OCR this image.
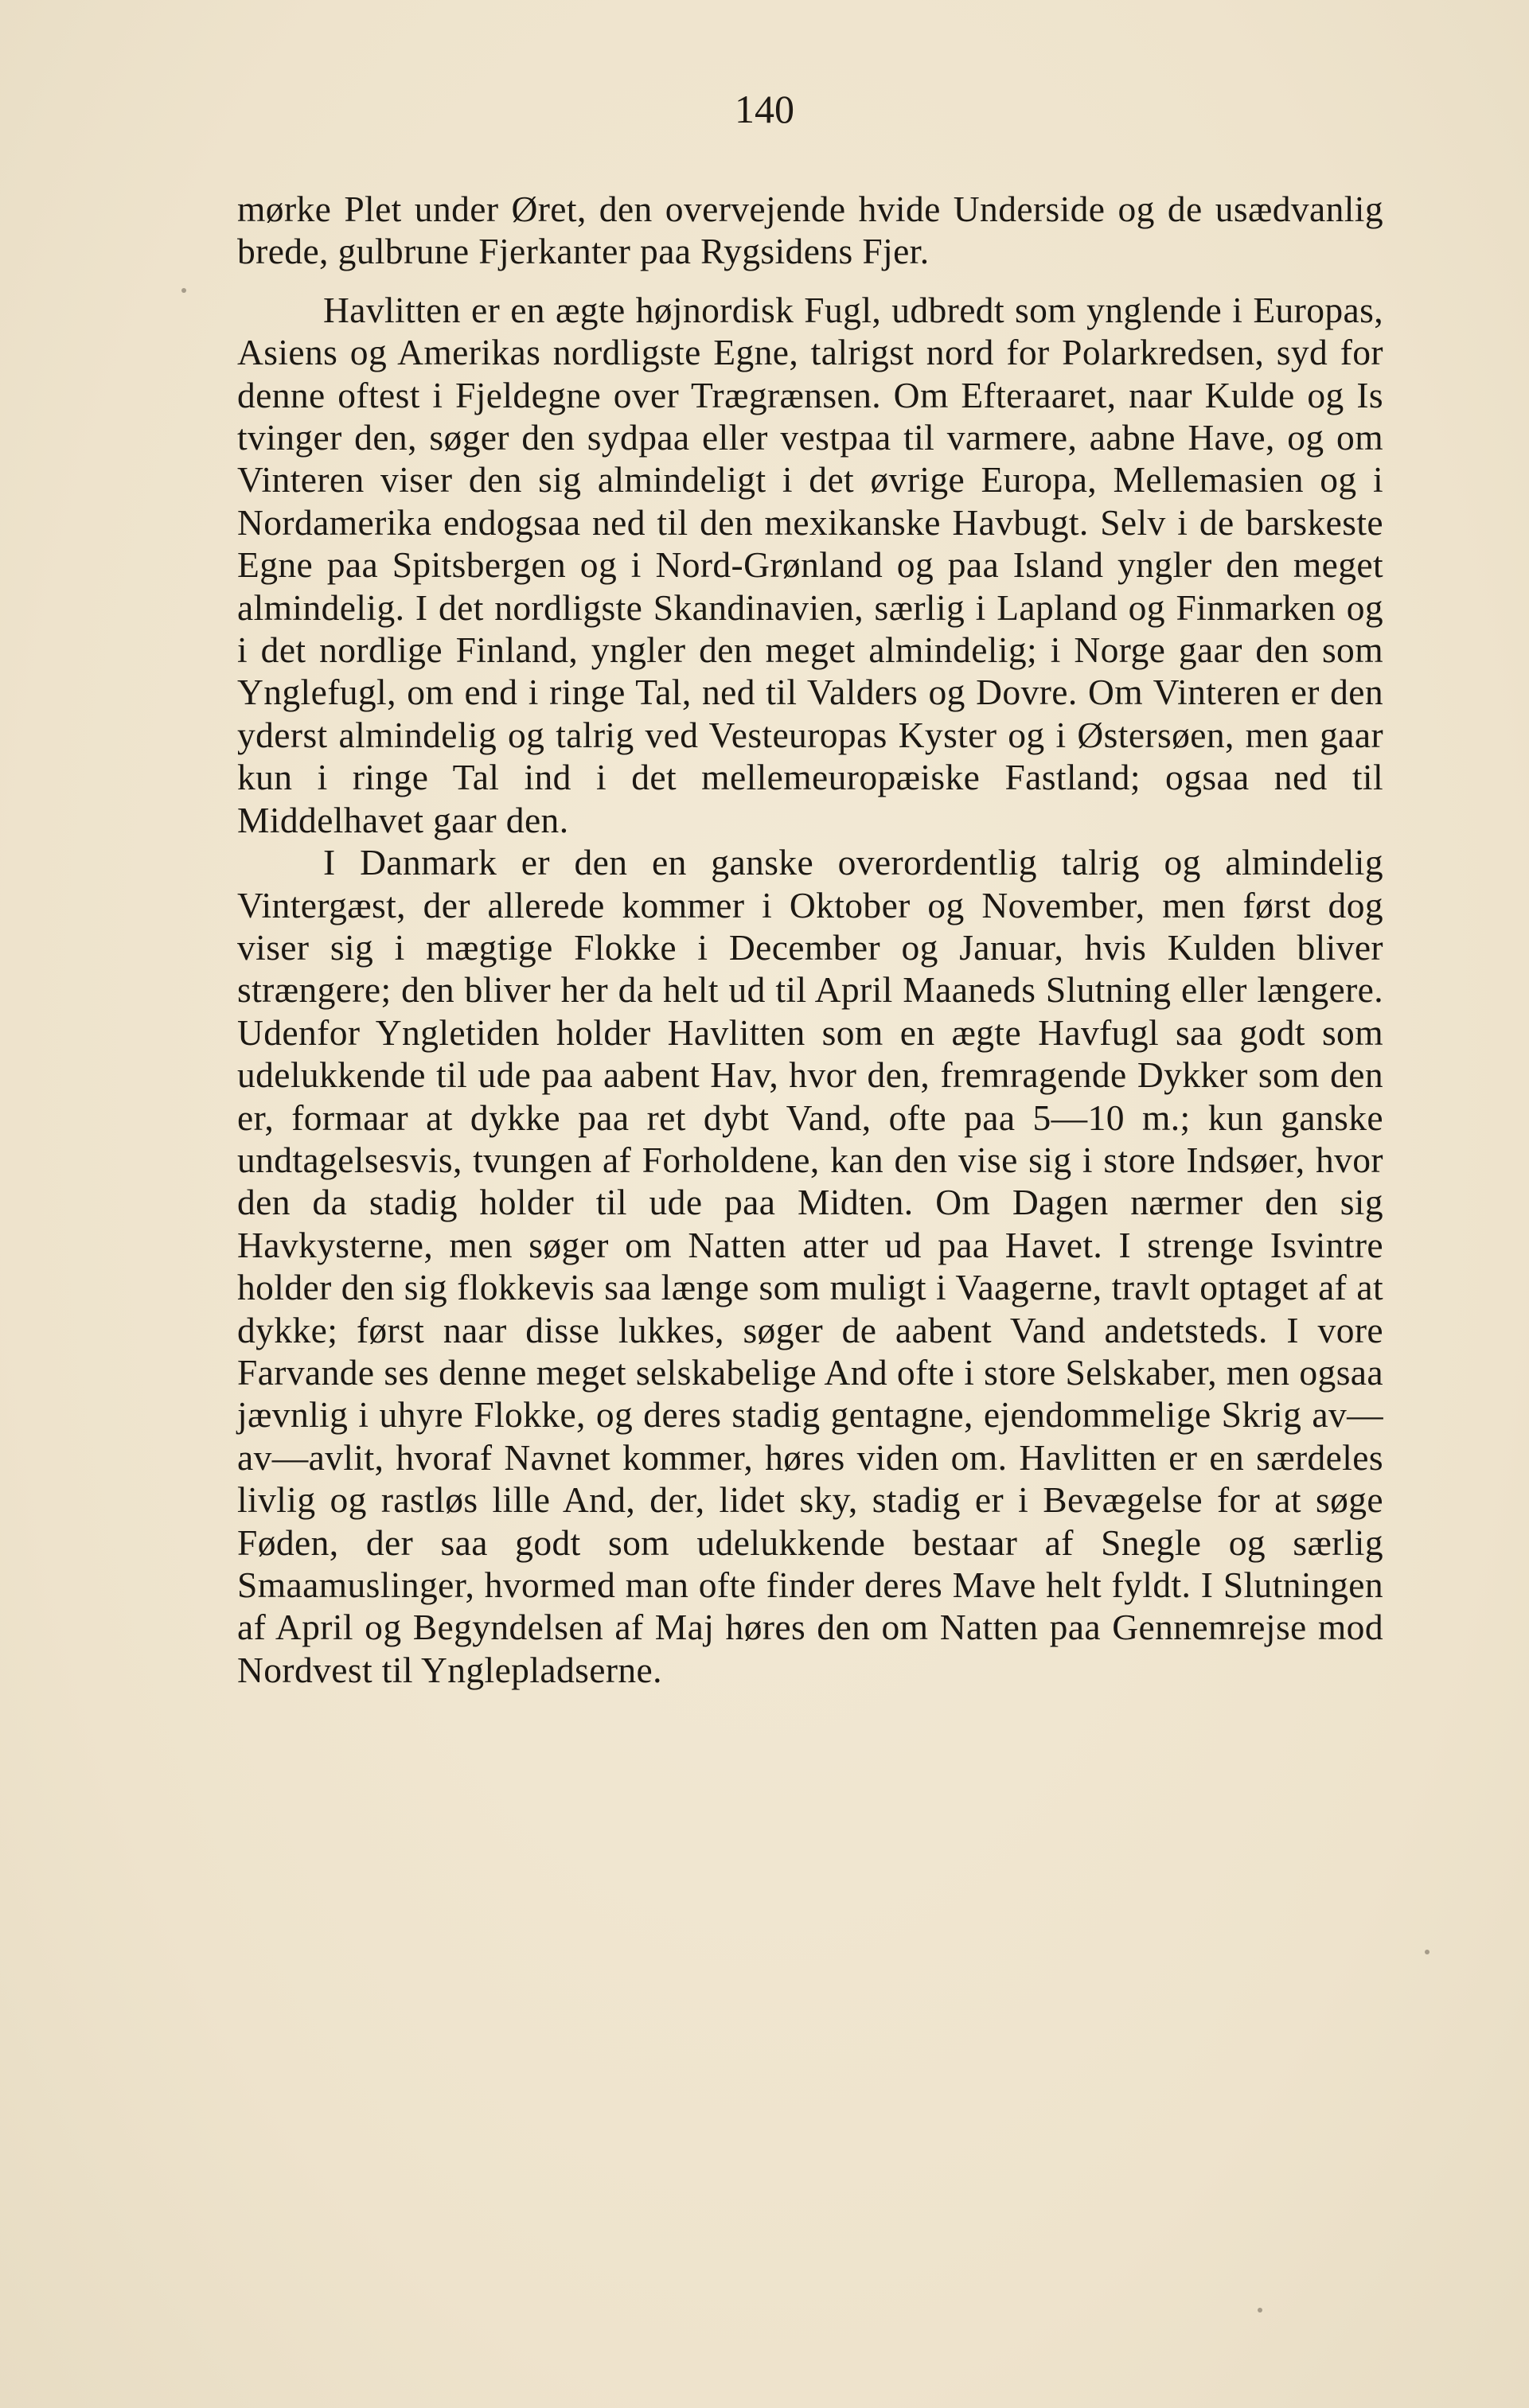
140

mørke Plet under Øret, den overvejende hvide Underside og de usædvanlig brede, gulbrune Fjerkanter paa Rygsidens Fjer.

Havlitten er en ægte højnordisk Fugl, udbredt som ynglende i Europas, Asiens og Amerikas nordligste Egne, talrigst nord for Polarkredsen, syd for denne oftest i Fjeldegne over Trægrænsen. Om Efteraaret, naar Kulde og Is tvinger den, søger den sydpaa eller vestpaa til varmere, aabne Have, og om Vinteren viser den sig almindeligt i det øvrige Europa, Mellemasien og i Nordamerika endogsaa ned til den mexikanske Havbugt. Selv i de barskeste Egne paa Spitsbergen og i Nord-Grønland og paa Island yngler den meget almindelig. I det nordligste Skandinavien, særlig i Lapland og Finmarken og i det nordlige Finland, yngler den meget almindelig; i Norge gaar den som Ynglefugl, om end i ringe Tal, ned til Valders og Dovre. Om Vinteren er den yderst almindelig og talrig ved Vesteuropas Kyster og i Østersøen, men gaar kun i ringe Tal ind i det mellemeuropæiske Fastland; ogsaa ned til Middelhavet gaar den.

I Danmark er den en ganske overordentlig talrig og almindelig Vintergæst, der allerede kommer i Oktober og November, men først dog viser sig i mægtige Flokke i December og Januar, hvis Kulden bliver strængere; den bliver her da helt ud til April Maaneds Slutning eller længere. Udenfor Yngletiden holder Havlitten som en ægte Havfugl saa godt som udelukkende til ude paa aabent Hav, hvor den, fremragende Dykker som den er, formaar at dykke paa ret dybt Vand, ofte paa 5—10 m.; kun ganske undtagelsesvis, tvungen af Forholdene, kan den vise sig i store Indsøer, hvor den da stadig holder til ude paa Midten. Om Dagen nærmer den sig Havkysterne, men søger om Natten atter ud paa Havet. I strenge Isvintre holder den sig flokkevis saa længe som muligt i Vaagerne, travlt optaget af at dykke; først naar disse lukkes, søger de aabent Vand andetsteds. I vore Farvande ses denne meget selskabelige And ofte i store Selskaber, men ogsaa jævnlig i uhyre Flokke, og deres stadig gentagne, ejendommelige Skrig av—av—avlit, hvoraf Navnet kommer, høres viden om. Havlitten er en særdeles livlig og rastløs lille And, der, lidet sky, stadig er i Bevægelse for at søge Føden, der saa godt som udelukkende bestaar af Snegle og særlig Smaamuslinger, hvormed man ofte finder deres Mave helt fyldt. I Slutningen af April og Begyndelsen af Maj høres den om Natten paa Gennemrejse mod Nordvest til Ynglepladserne.
